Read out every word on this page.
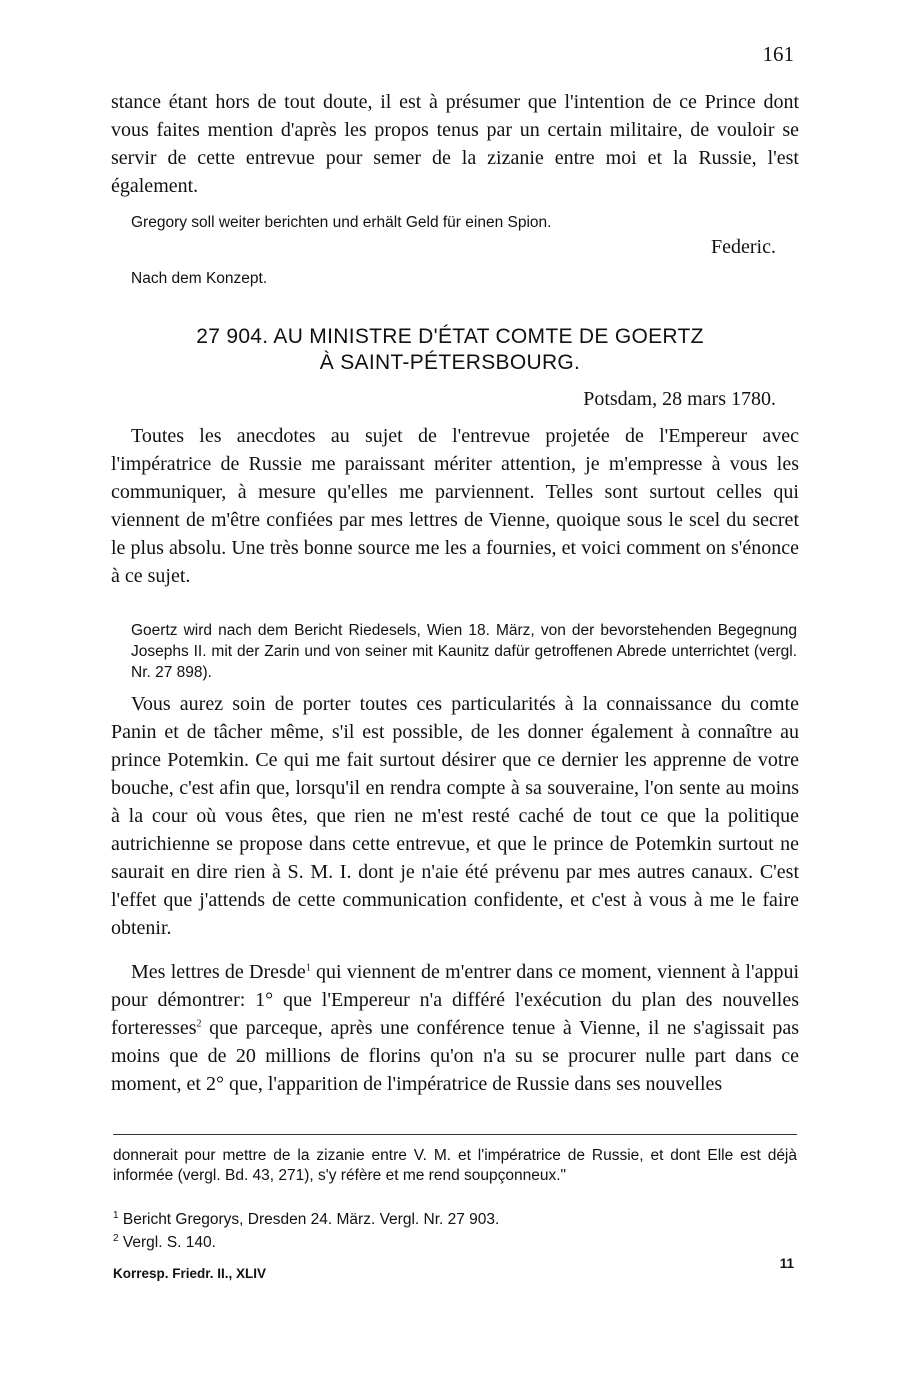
161

stance étant hors de tout doute, il est à présumer que l'intention de ce Prince dont vous faites mention d'après les propos tenus par un certain militaire, de vouloir se servir de cette entrevue pour semer de la zizanie entre moi et la Russie, l'est également.

Gregory soll weiter berichten und erhält Geld für einen Spion.
Federic.
Nach dem Konzept.
27 904. AU MINISTRE D'ÉTAT COMTE DE GOERTZ
À SAINT-PÉTERSBOURG.
Potsdam, 28 mars 1780.

Toutes les anecdotes au sujet de l'entrevue projetée de l'Empereur avec l'impératrice de Russie me paraissant mériter attention, je m'empresse à vous les communiquer, à mesure qu'elles me parviennent. Telles sont surtout celles qui viennent de m'être confiées par mes lettres de Vienne, quoique sous le scel du secret le plus absolu. Une très bonne source me les a fournies, et voici comment on s'énonce à ce sujet.

Goertz wird nach dem Bericht Riedesels, Wien 18. März, von der bevorstehenden Begegnung Josephs II. mit der Zarin und von seiner mit Kaunitz dafür getroffenen Abrede unterrichtet (vergl. Nr. 27 898).

Vous aurez soin de porter toutes ces particularités à la connaissance du comte Panin et de tâcher même, s'il est possible, de les donner également à connaître au prince Potemkin. Ce qui me fait surtout désirer que ce dernier les apprenne de votre bouche, c'est afin que, lorsqu'il en rendra compte à sa souveraine, l'on sente au moins à la cour où vous êtes, que rien ne m'est resté caché de tout ce que la politique autrichienne se propose dans cette entrevue, et que le prince de Potemkin surtout ne saurait en dire rien à S. M. I. dont je n'aie été prévenu par mes autres canaux. C'est l'effet que j'attends de cette communication confidente, et c'est à vous à me le faire obtenir.

Mes lettres de Dresde$^1$ qui viennent de m'entrer dans ce moment, viennent à l'appui pour démontrer: 1° que l'Empereur n'a différé l'exécution du plan des nouvelles forteresses$^2$ que parceque, après une conférence tenue à Vienne, il ne s'agissait pas moins que de 20 millions de florins qu'on n'a su se procurer nulle part dans ce moment, et 2° que, l'apparition de l'impératrice de Russie dans ses nouvelles

donnerait pour mettre de la zizanie entre V. M. et l'impératrice de Russie, et dont Elle est déjà informée (vergl. Bd. 43, 271), s'y réfère et me rend soupçonneux."
$^1$ Bericht Gregorys, Dresden 24. März. Vergl. Nr. 27 903.
$^2$ Vergl. S. 140.
Korresp. Friedr. II., XLIV
11
